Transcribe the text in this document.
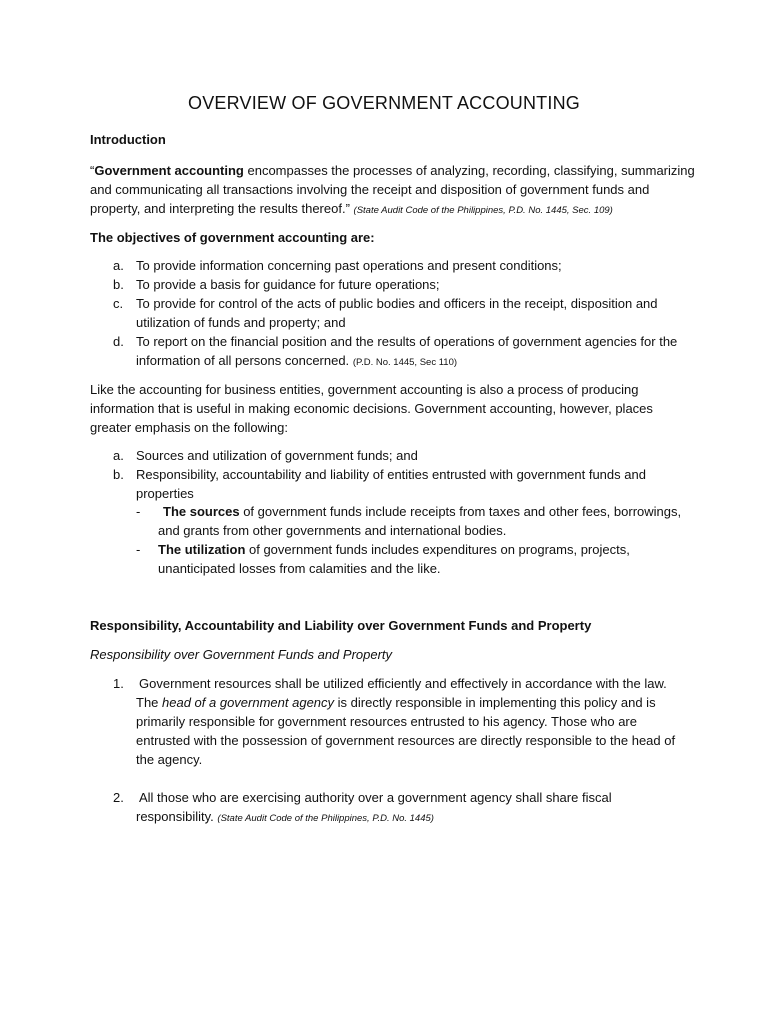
OVERVIEW OF GOVERNMENT ACCOUNTING
Introduction
“Government accounting encompasses the processes of analyzing, recording, classifying, summarizing
and communicating all transactions involving the receipt and disposition of government funds and
property, and interpreting the results thereof.” (State Audit Code of the Philippines, P.D. No. 1445, Sec. 109)
The objectives of government accounting are:
a. To provide information concerning past operations and present conditions;
b. To provide a basis for guidance for future operations;
c. To provide for control of the acts of public bodies and officers in the receipt, disposition and
utilization of funds and property; and
d. To report on the financial position and the results of operations of government agencies for the
information of all persons concerned. (P.D. No. 1445, Sec 110)
Like the accounting for business entities, government accounting is also a process of producing
information that is useful in making economic decisions. Government accounting, however, places
greater emphasis on the following:
a. Sources and utilization of government funds; and
b. Responsibility, accountability and liability of entities entrusted with government funds and
properties
- The sources of government funds include receipts from taxes and other fees, borrowings,
and grants from other governments and international bodies.
- The utilization of government funds includes expenditures on programs, projects,
unanticipated losses from calamities and the like.
Responsibility, Accountability and Liability over Government Funds and Property
Responsibility over Government Funds and Property
1. Government resources shall be utilized efficiently and effectively in accordance with the law.
The head of a government agency is directly responsible in implementing this policy and is
primarily responsible for government resources entrusted to his agency. Those who are
entrusted with the possession of government resources are directly responsible to the head of
the agency.
2. All those who are exercising authority over a government agency shall share fiscal
responsibility. (State Audit Code of the Philippines, P.D. No. 1445)
